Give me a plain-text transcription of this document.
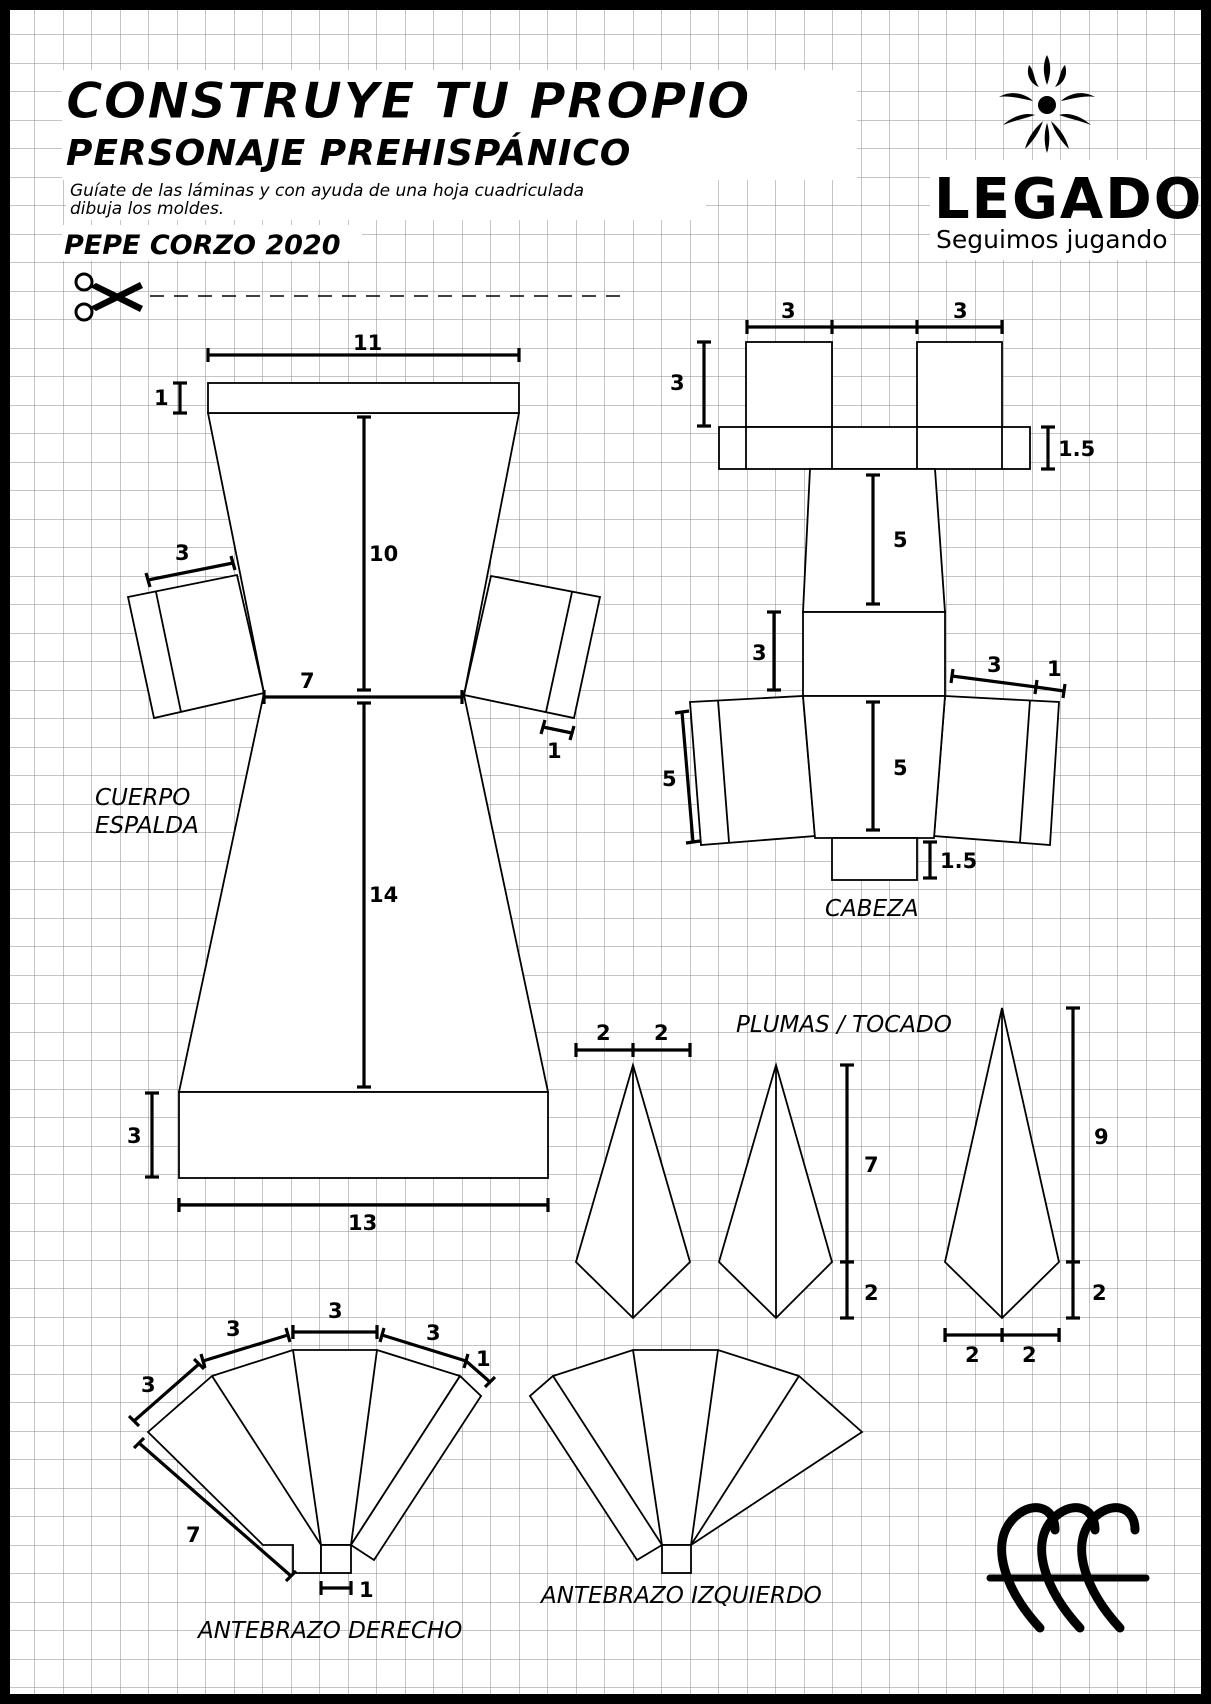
CONSTRUYE TU PROPIO
PERSONAJE PREHISPÁNICO
Guíate de las láminas y con ayuda de una hoja cuadriculada
dibuja los moldes.
PEPE CORZO 2020
LEGADO
Seguimos jugando
11
1
10
3
7
1
14
3
13
CUERPO
ESPALDA
3	3
3
1.5
5
3	3 1
5	5
1.5
CABEZA
PLUMAS / TOCADO
2 2
7
2
9
2
2 2
3
3
3
3
1
7
1
ANTEBRAZO DERECHO
ANTEBRAZO IZQUIERDO
